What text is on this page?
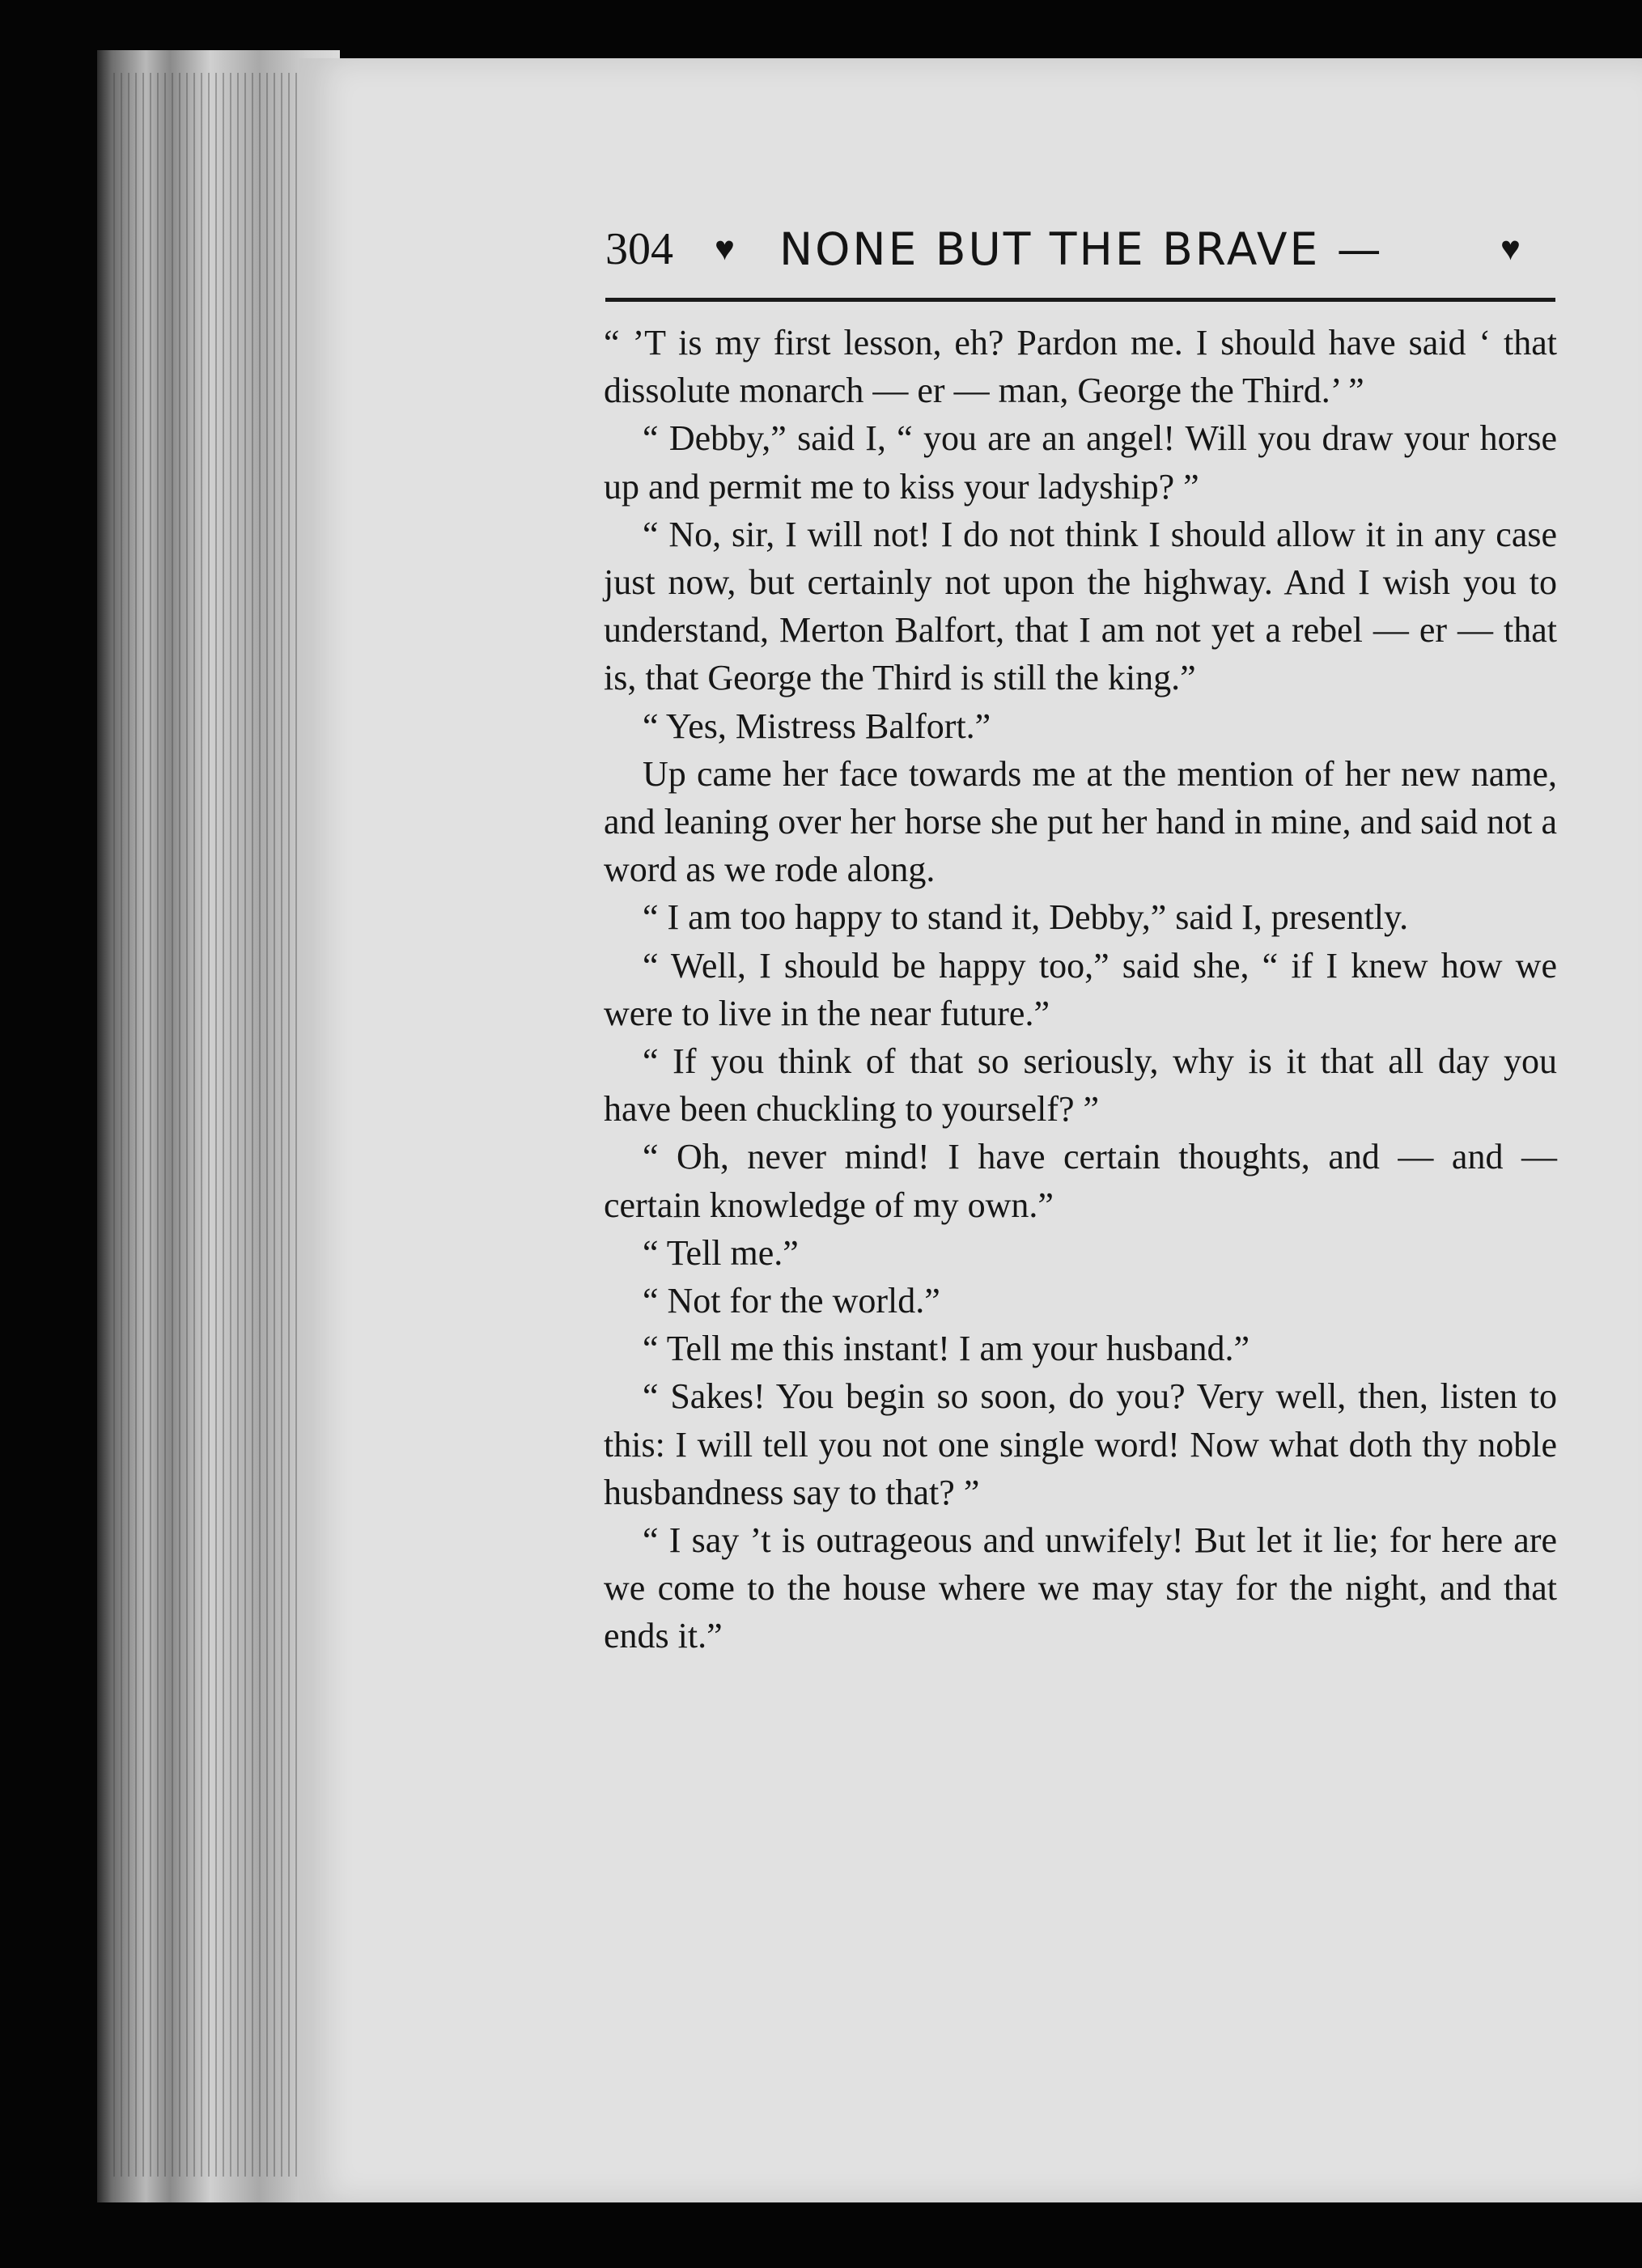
304 ♥ NONE BUT THE BRAVE —	♥

“ ’T is my first lesson, eh? Pardon me. I should have said ‘ that dissolute monarch — er — man, George the Third.’ ”

“ Debby,” said I, “ you are an angel! Will you draw your horse up and permit me to kiss your ladyship? ”

“ No, sir, I will not! I do not think I should allow it in any case just now, but certainly not upon the highway. And I wish you to understand, Merton Balfort, that I am not yet a rebel — er — that is, that George the Third is still the king.”

“ Yes, Mistress Balfort.”

Up came her face towards me at the mention of her new name, and leaning over her horse she put her hand in mine, and said not a word as we rode along.

“ I am too happy to stand it, Debby,” said I, presently.

“ Well, I should be happy too,” said she, “ if I knew how we were to live in the near future.”

“ If you think of that so seriously, why is it that all day you have been chuckling to yourself? ”

“ Oh, never mind! I have certain thoughts, and — and — certain knowledge of my own.”

“ Tell me.”

“ Not for the world.”

“ Tell me this instant! I am your husband.”

“ Sakes! You begin so soon, do you? Very well, then, listen to this: I will tell you not one single word! Now what doth thy noble husbandness say to that? ”

“ I say ’t is outrageous and unwifely! But let it lie; for here are we come to the house where we may stay for the night, and that ends it.”
